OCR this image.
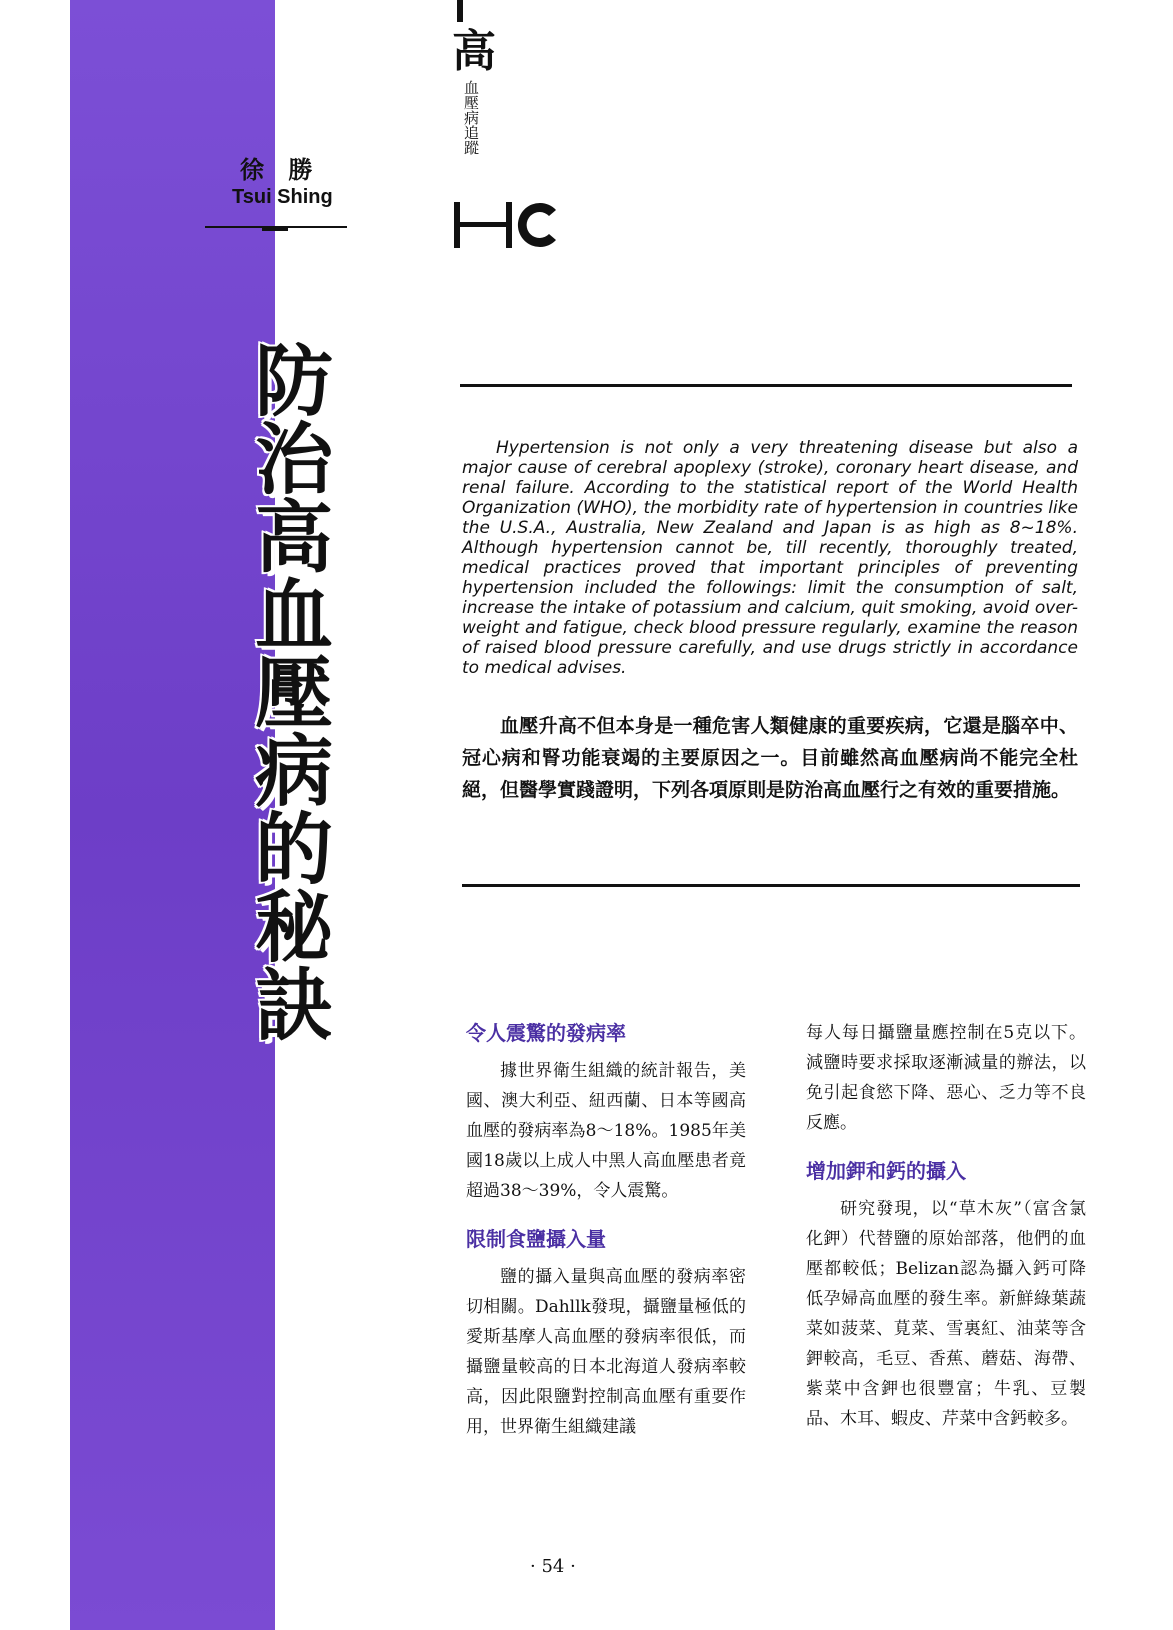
徐 勝
Tsui Shing
高
血壓病追蹤
防治高血壓病的秘訣	Hypertension is not only a very threatening disease but also a major cause of cerebral apoplexy (stroke), coronary heart disease, and renal failure. According to the statistical report of the World Health Organization (WHO), the morbidity rate of hypertension in countries like the U.S.A., Australia, New Zealand and Japan is as high as 8~18%. Although hypertension cannot be, till recently, thoroughly treated, medical practices proved that important principles of preventing hypertension included the followings: limit the consumption of salt, increase the intake of potassium and calcium, quit smoking, avoid over-weight and fatigue, check blood pressure regularly, examine the reason of raised blood pressure carefully, and use drugs strictly in accordance to medical advises.

血壓升高不但本身是一種危害人類健康的重要疾病，它還是腦卒中、冠心病和腎功能衰竭的主要原因之一。目前雖然高血壓病尚不能完全杜絕，但醫學實踐證明，下列各項原則是防治高血壓行之有效的重要措施。

令人震驚的發病率

據世界衛生組織的統計報告，美國、澳大利亞、紐西蘭、日本等國高血壓的發病率為8～18%。1985年美國18歲以上成人中黑人高血壓患者竟超過38～39%，令人震驚。

限制食鹽攝入量

鹽的攝入量與高血壓的發病率密切相關。Dahllk發現，攝鹽量極低的愛斯基摩人高血壓的發病率很低，而攝鹽量較高的日本北海道人發病率較高，因此限鹽對控制高血壓有重要作用，世界衛生組織建議

每人每日攝鹽量應控制在5克以下。減鹽時要求採取逐漸減量的辦法，以免引起食慾下降、惡心、乏力等不良反應。

增加鉀和鈣的攝入

研究發現，以“草木灰”（富含氯化鉀）代替鹽的原始部落，他們的血壓都較低；Belizan認為攝入鈣可降低孕婦高血壓的發生率。新鮮綠葉蔬菜如菠菜、莧菜、雪裏紅、油菜等含鉀較高，毛豆、香蕉、蘑菇、海帶、紫菜中含鉀也很豐富；牛乳、豆製品、木耳、蝦皮、芹菜中含鈣較多。

· 54 ·
